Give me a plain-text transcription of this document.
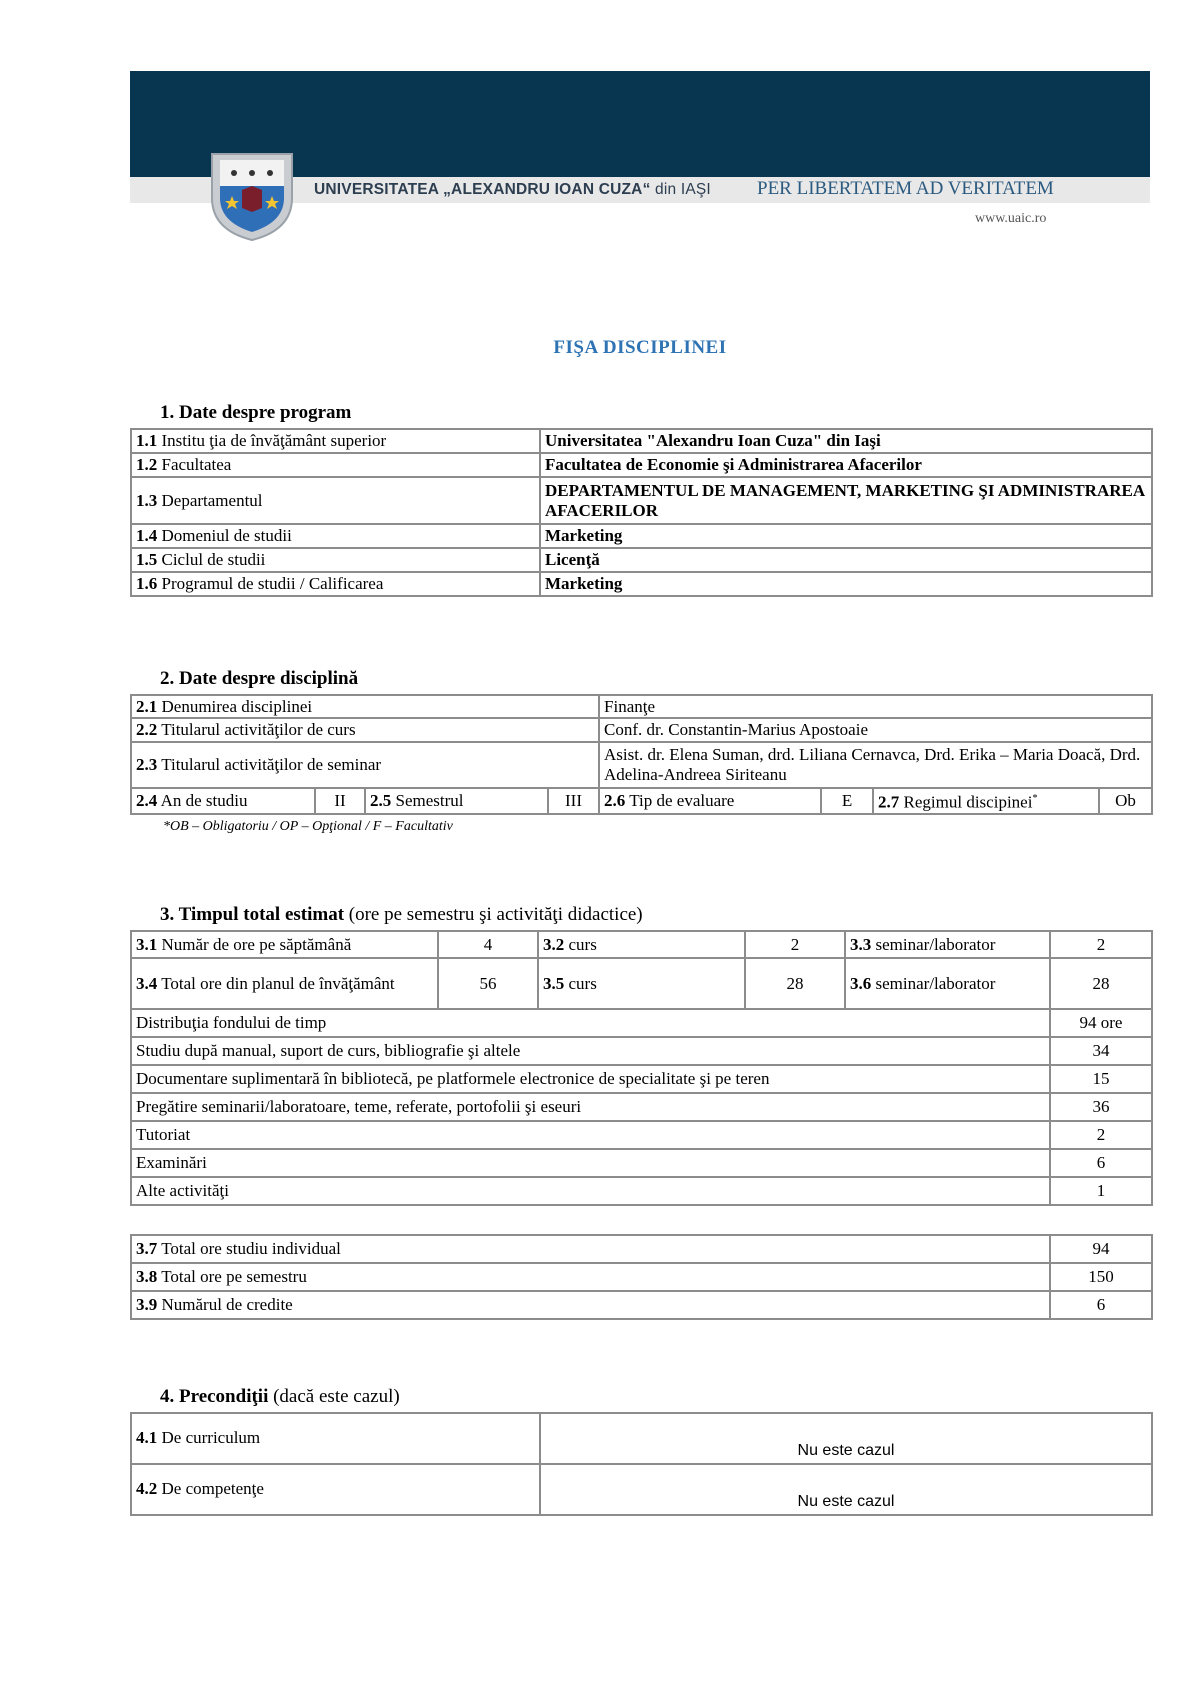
UNIVERSITATEA „ALEXANDRU IOAN CUZA“ din IAŞI PER LIBERTATEM AD VERITATEM
www.uaic.ro
FIŞA DISCIPLINEI
1. Date despre program
1.1 Institu ţia de învăţământ superior	Universitatea "Alexandru Ioan Cuza" din Iaşi
1.2 Facultatea	Facultatea de Economie şi Administrarea Afacerilor
1.3 Departamentul	DEPARTAMENTUL DE MANAGEMENT, MARKETING ŞI ADMINISTRAREA AFACERILOR
1.4 Domeniul de studii	Marketing
1.5 Ciclul de studii	Licenţă
1.6 Programul de studii / Calificarea	Marketing
2. Date despre disciplină
2.1 Denumirea disciplinei				Finanţe			
2.2 Titularul activităţilor de curs				Conf. dr. Constantin-Marius Apostoaie			
2.3 Titularul activităţilor de seminar				Asist. dr. Elena Suman, drd. Liliana Cernavca, Drd. Erika – Maria Doacă, Drd. Adelina-Andreea Siriteanu			
2.4 An de studiu	II	2.5 Semestrul	III	2.6 Tip de evaluare	E	2.7 Regimul discipinei*	Ob
*OB – Obligatoriu / OP – Opţional / F – Facultativ
3. Timpul total estimat (ore pe semestru şi activităţi didactice)
3.1 Număr de ore pe săptămână	4	3.2 curs	2	3.3 seminar/laborator	2
3.4 Total ore din planul de învăţământ	56	3.5 curs	28	3.6 seminar/laborator	28
Distribuţia fondului de timp					94 ore
Studiu după manual, suport de curs, bibliografie şi altele					34
Documentare suplimentară în bibliotecă, pe platformele electronice de specialitate şi pe teren					15
Pregătire seminarii/laboratoare, teme, referate, portofolii şi eseuri					36
Tutoriat					2
Examinări					6
Alte activităţi					1
3.7 Total ore studiu individual	94
3.8 Total ore pe semestru	150
3.9 Numărul de credite	6
4. Precondiţii (dacă este cazul)
4.1 De curriculum	Nu este cazul
4.2 De competenţe	Nu este cazul
